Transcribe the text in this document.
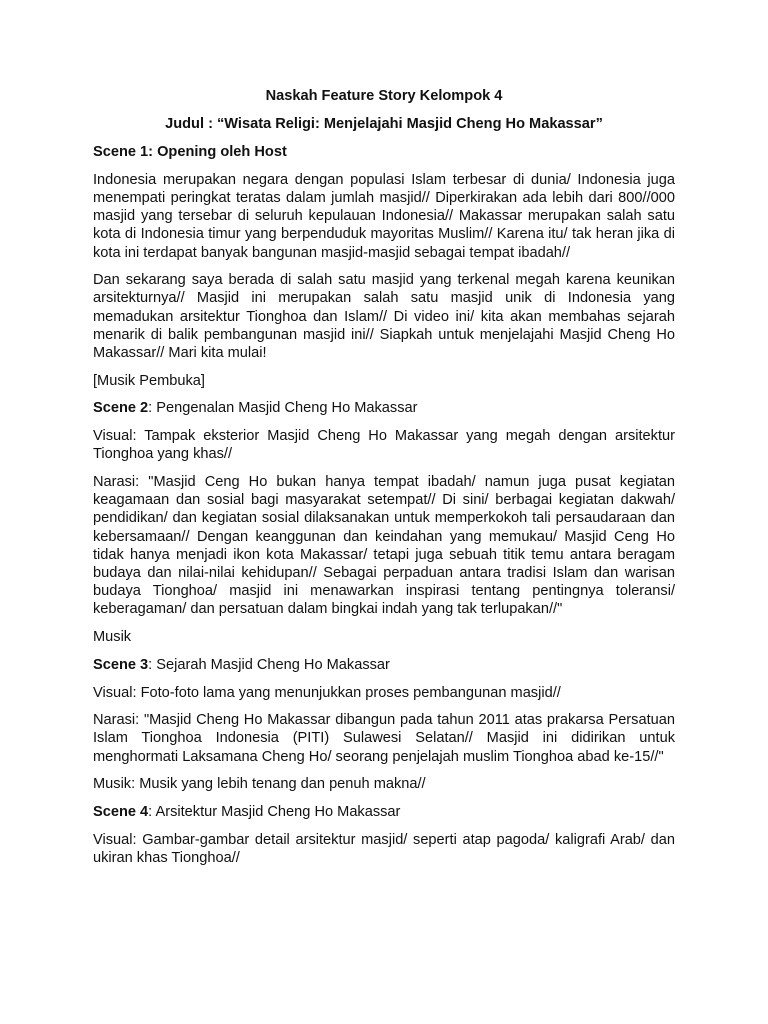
Naskah Feature Story Kelompok 4
Judul : “Wisata Religi: Menjelajahi Masjid Cheng Ho Makassar”

Scene 1: Opening oleh Host

Indonesia merupakan negara dengan populasi Islam terbesar di dunia/ Indonesia juga menempati peringkat teratas dalam jumlah masjid// Diperkirakan ada lebih dari 800//000 masjid yang tersebar di seluruh kepulauan Indonesia// Makassar merupakan salah satu kota di Indonesia timur yang berpenduduk mayoritas Muslim// Karena itu/ tak heran jika di kota ini terdapat banyak bangunan masjid-masjid sebagai tempat ibadah//

Dan sekarang saya berada di salah satu masjid yang terkenal megah karena keunikan arsitekturnya// Masjid ini merupakan salah satu masjid unik di Indonesia yang memadukan arsitektur Tionghoa dan Islam// Di video ini/ kita akan membahas sejarah menarik di balik pembangunan masjid ini// Siapkah untuk menjelajahi Masjid Cheng Ho Makassar// Mari kita mulai!

[Musik Pembuka]

Scene 2: Pengenalan Masjid Cheng Ho Makassar

Visual: Tampak eksterior Masjid Cheng Ho Makassar yang megah dengan arsitektur Tionghoa yang khas//

Narasi: "Masjid Ceng Ho bukan hanya tempat ibadah/ namun juga pusat kegiatan keagamaan dan sosial bagi masyarakat setempat// Di sini/ berbagai kegiatan dakwah/ pendidikan/ dan kegiatan sosial dilaksanakan untuk memperkokoh tali persaudaraan dan kebersamaan// Dengan keanggunan dan keindahan yang memukau/ Masjid Ceng Ho tidak hanya menjadi ikon kota Makassar/ tetapi juga sebuah titik temu antara beragam budaya dan nilai-nilai kehidupan// Sebagai perpaduan antara tradisi Islam dan warisan budaya Tionghoa/ masjid ini menawarkan inspirasi tentang pentingnya toleransi/ keberagaman/ dan persatuan dalam bingkai indah yang tak terlupakan//"

Musik

Scene 3: Sejarah Masjid Cheng Ho Makassar

Visual: Foto-foto lama yang menunjukkan proses pembangunan masjid//

Narasi: "Masjid Cheng Ho Makassar dibangun pada tahun 2011 atas prakarsa Persatuan Islam Tionghoa Indonesia (PITI) Sulawesi Selatan// Masjid ini didirikan untuk menghormati Laksamana Cheng Ho/ seorang penjelajah muslim Tionghoa abad ke-15//"

Musik: Musik yang lebih tenang dan penuh makna//

Scene 4: Arsitektur Masjid Cheng Ho Makassar

Visual: Gambar-gambar detail arsitektur masjid/ seperti atap pagoda/ kaligrafi Arab/ dan ukiran khas Tionghoa//
